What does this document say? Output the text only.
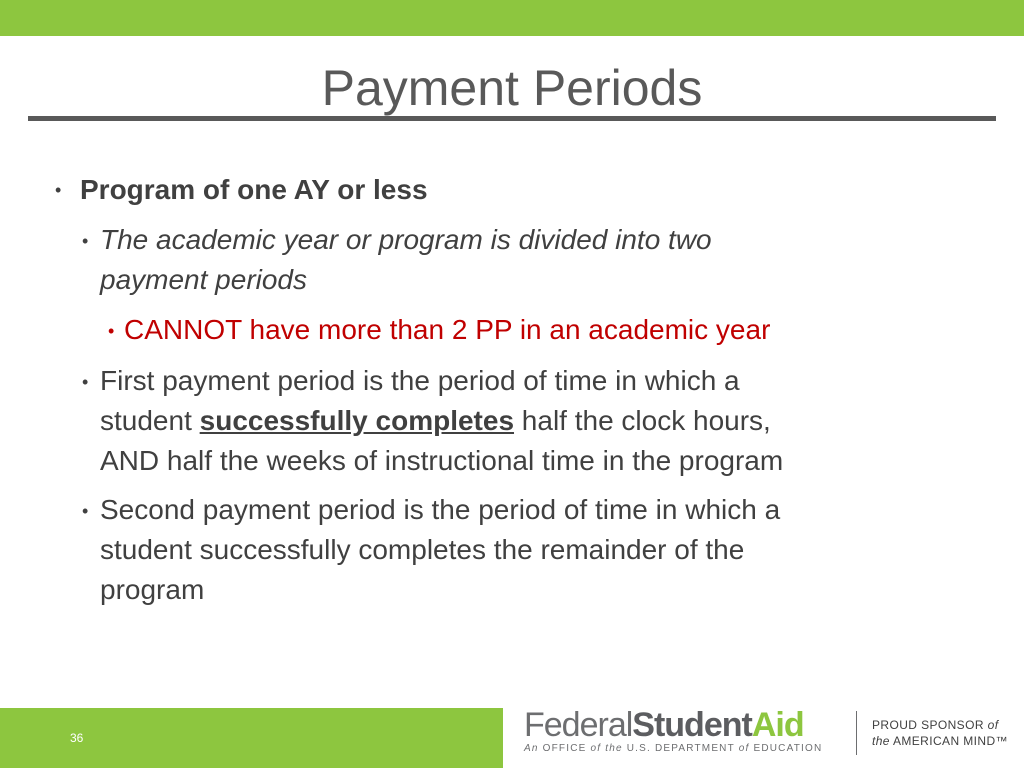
Payment Periods
• Program of one AY or less
• The academic year or program is divided into two
payment periods
• CANNOT have more than 2 PP in an academic year
• First payment period is the period of time in which a
student successfully completes half the clock hours,
AND half the weeks of instructional time in the program
• Second payment period is the period of time in which a
student successfully completes the remainder of the
program
36	FederalStudentAid
An OFFICE of the U.S. DEPARTMENT of EDUCATION
PROUD SPONSOR of
the AMERICAN MIND™
